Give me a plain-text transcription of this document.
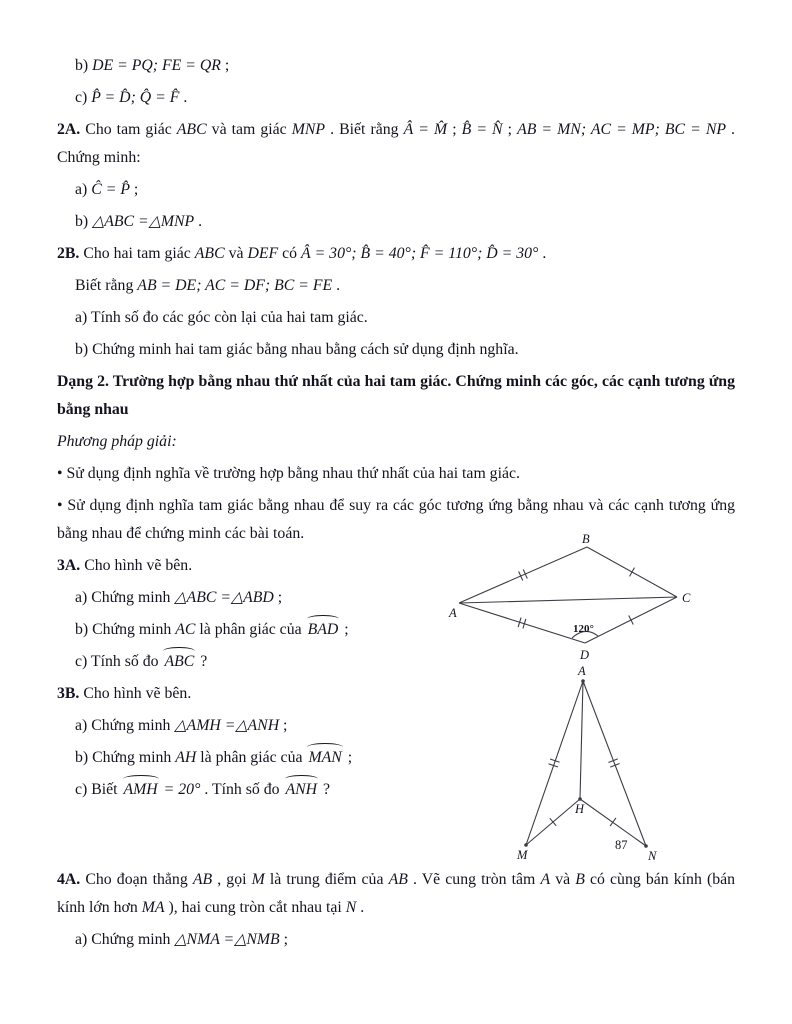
b) DE = PQ; FE = QR ;
c) P̂ = D̂; Q̂ = F̂ .
2A. Cho tam giác ABC và tam giác MNP . Biết rằng Â = M̂ ; B̂ = N̂ ; AB = MN; AC = MP; BC = NP . Chứng minh:
a) Ĉ = P̂ ;
b) △ABC =△MNP .
2B. Cho hai tam giác ABC và DEF có Â = 30°; B̂ = 40°; F̂ = 110°; D̂ = 30° .
Biết rằng AB = DE; AC = DF; BC = FE .
a) Tính số đo các góc còn lại của hai tam giác.
b) Chứng minh hai tam giác bằng nhau bằng cách sử dụng định nghĩa.
Dạng 2. Trường hợp bằng nhau thứ nhất của hai tam giác. Chứng minh các góc, các cạnh tương ứng bằng nhau
Phương pháp giải:
• Sử dụng định nghĩa về trường hợp bằng nhau thứ nhất của hai tam giác.
• Sử dụng định nghĩa tam giác bằng nhau để suy ra các góc tương ứng bằng nhau và các cạnh tương ứng bằng nhau để chứng minh các bài toán.
3A. Cho hình vẽ bên.
a) Chứng minh △ABC =△ABD ;
b) Chứng minh AC là phân giác của BAD ;
c) Tính số đo ABC ?
3B. Cho hình vẽ bên.
a) Chứng minh △AMH =△ANH ;
b) Chứng minh AH là phân giác của MAN ;
c) Biết AMH = 20° . Tính số đo ANH ?
4A. Cho đoạn thẳng AB , gọi M là trung điểm của AB . Vẽ cung tròn tâm A và B có cùng bán kính (bán kính lớn hơn MA ), hai cung tròn cắt nhau tại N .
a) Chứng minh △NMA =△NMB ;
A
B
C
D
120°
A
H
M	N
87
